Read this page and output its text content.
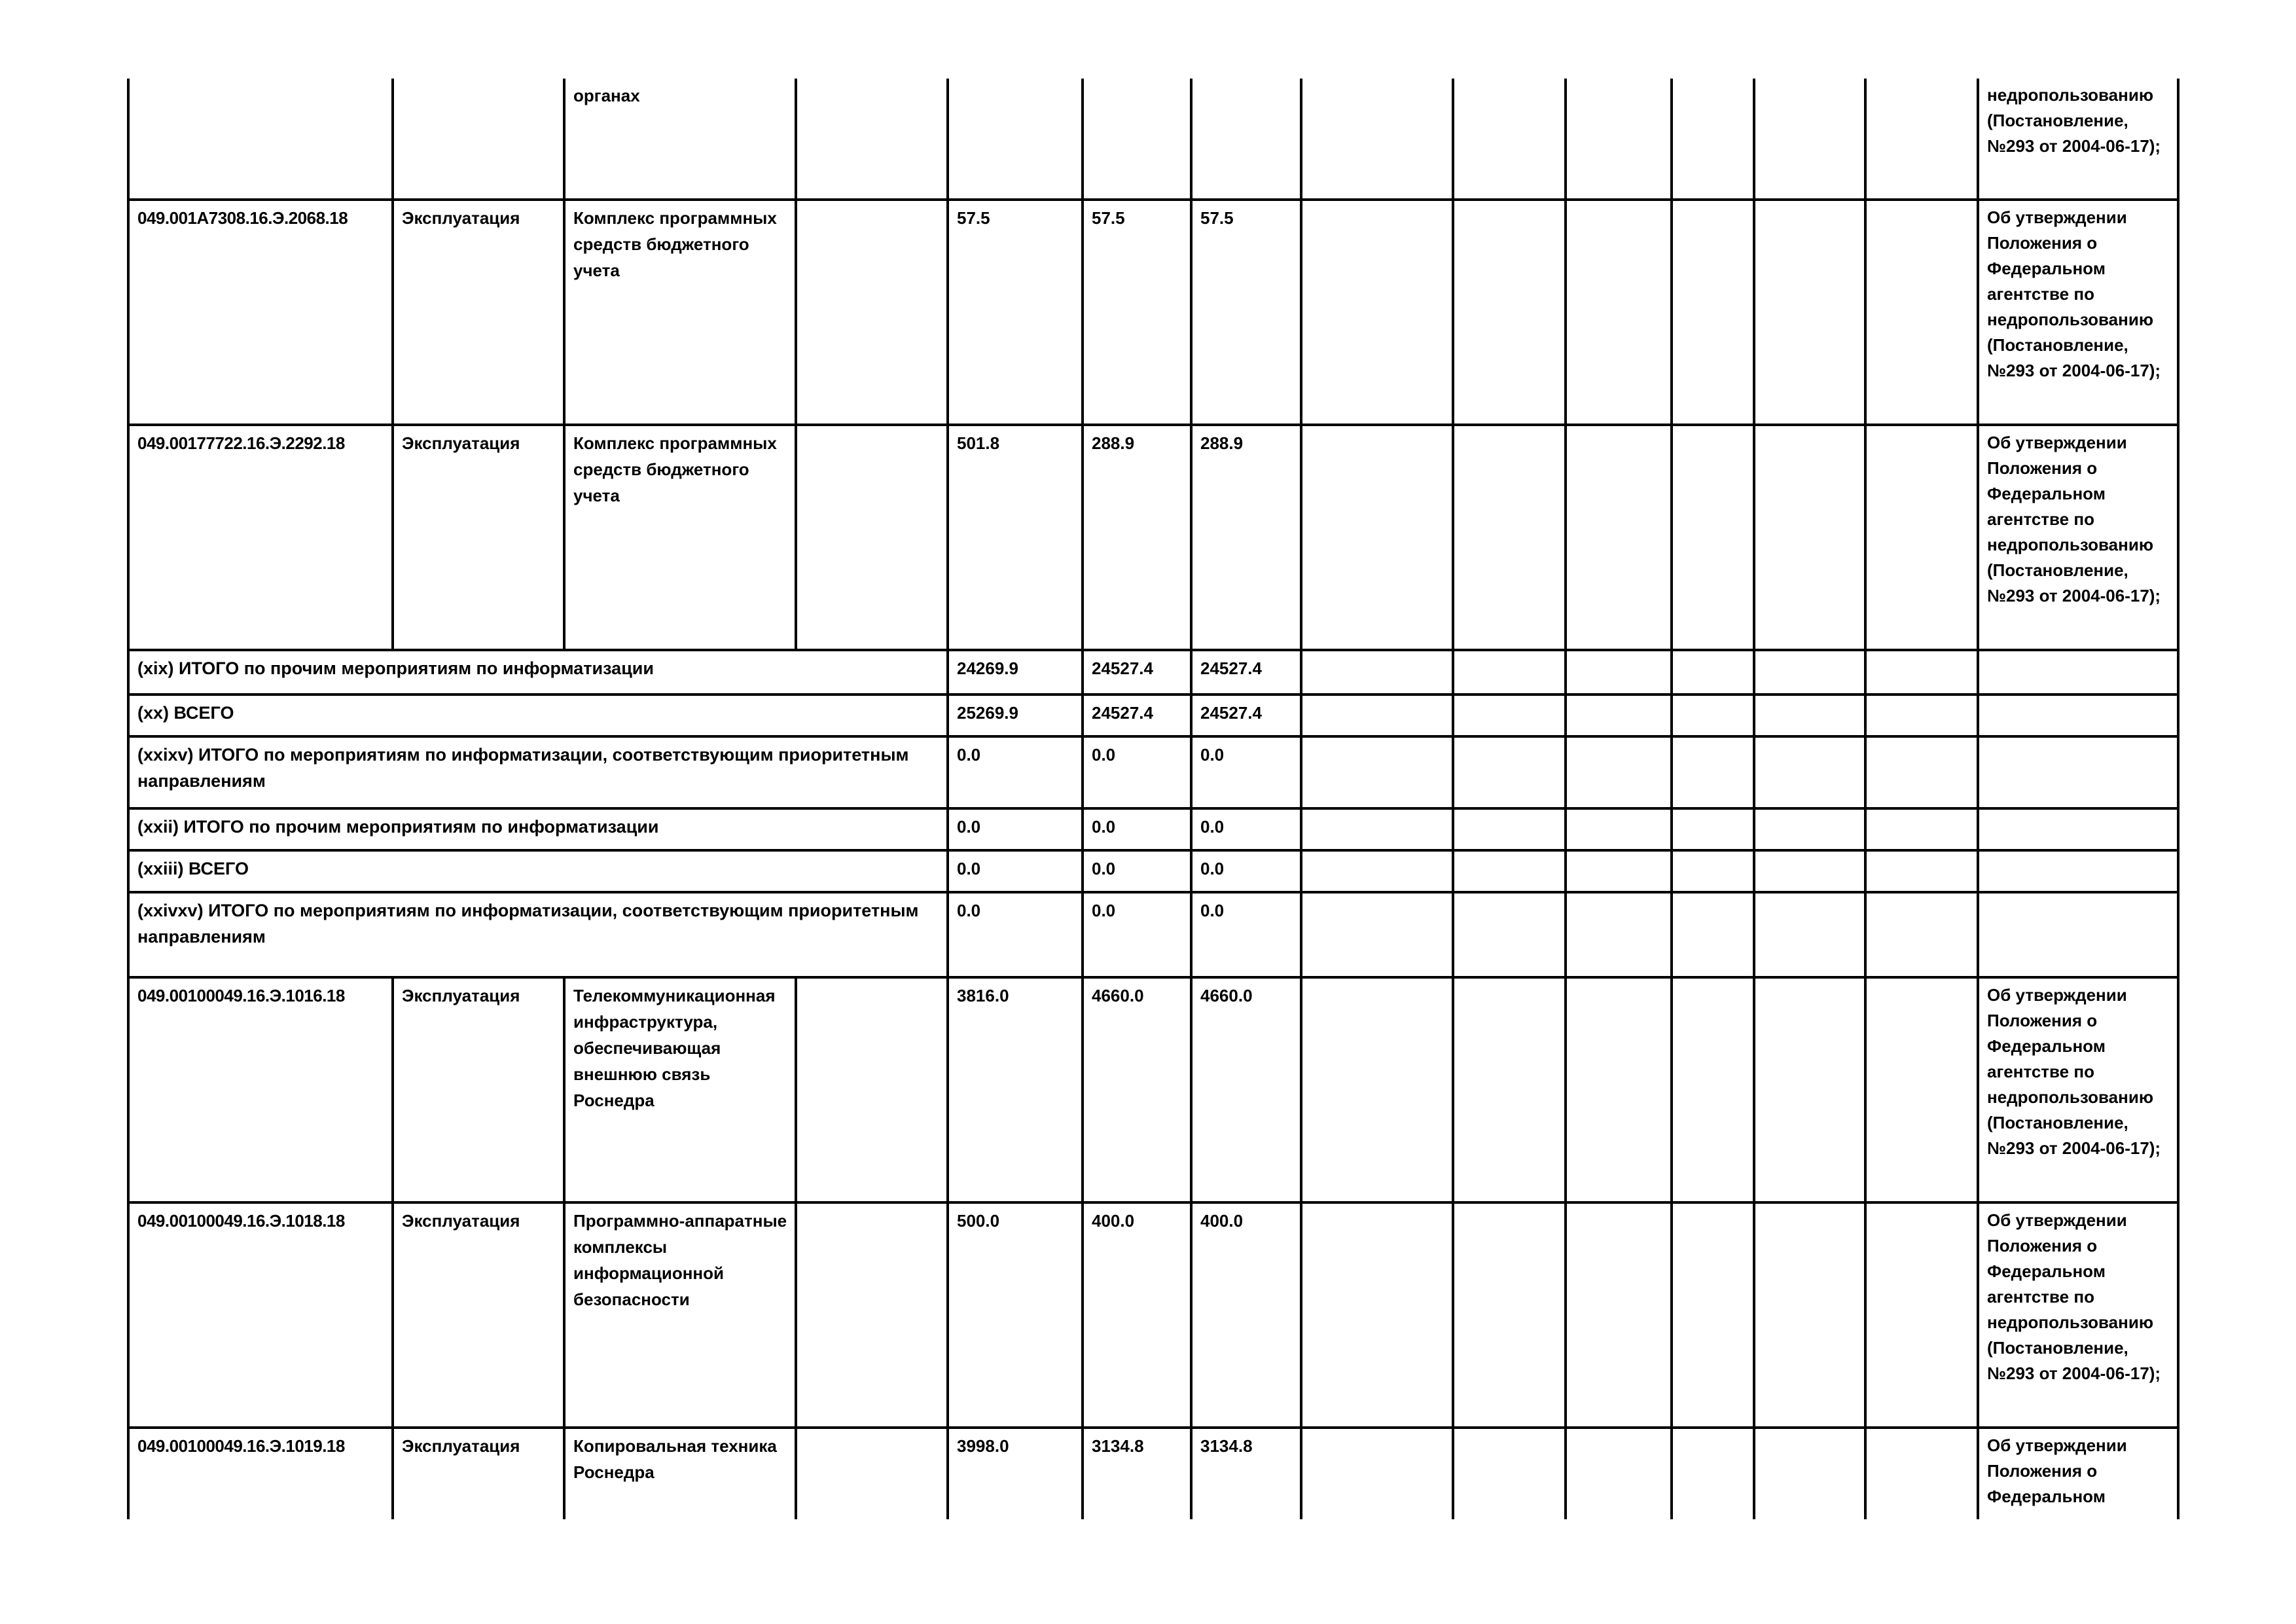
		органах											недропользованию (Постановление, №293 от 2004-06-17);
049.001А7308.16.Э.2068.18	Эксплуатация	Комплекс программных средств бюджетного учета		57.5	57.5	57.5							Об утверждении Положения о Федеральном агентстве по недропользованию (Постановление, №293 от 2004-06-17);
049.00177722.16.Э.2292.18	Эксплуатация	Комплекс программных средств бюджетного учета		501.8	288.9	288.9							Об утверждении Положения о Федеральном агентстве по недропользованию (Постановление, №293 от 2004-06-17);
(xix) ИТОГО по прочим мероприятиям по информатизации				24269.9	24527.4	24527.4							
(xx) ВСЕГО				25269.9	24527.4	24527.4							
(xxixv) ИТОГО по мероприятиям по информатизации, соответствующим приоритетным направлениям				0.0	0.0	0.0							
(xxii) ИТОГО по прочим мероприятиям по информатизации				0.0	0.0	0.0							
(xxiii) ВСЕГО				0.0	0.0	0.0							
(xxivxv) ИТОГО по мероприятиям по информатизации, соответствующим приоритетным направлениям				0.0	0.0	0.0							
049.00100049.16.Э.1016.18	Эксплуатация	Телекоммуникационная инфраструктура, обеспечивающая внешнюю связь Роснедра		3816.0	4660.0	4660.0							Об утверждении Положения о Федеральном агентстве по недропользованию (Постановление, №293 от 2004-06-17);
049.00100049.16.Э.1018.18	Эксплуатация	Программно-аппаратные комплексы информационной безопасности		500.0	400.0	400.0							Об утверждении Положения о Федеральном агентстве по недропользованию (Постановление, №293 от 2004-06-17);
049.00100049.16.Э.1019.18	Эксплуатация	Копировальная техника Роснедра		3998.0	3134.8	3134.8							Об утверждении Положения о Федеральном
